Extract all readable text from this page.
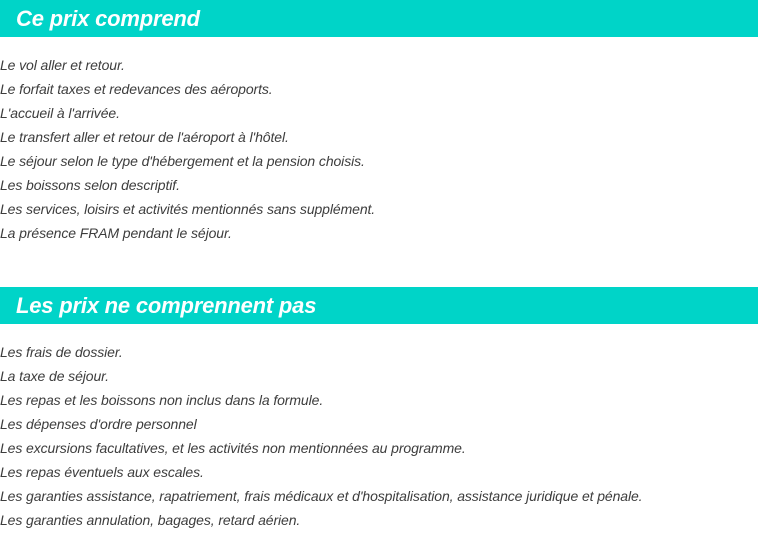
Ce prix comprend
Le vol aller et retour.
Le forfait taxes et redevances des aéroports.
L'accueil à l'arrivée.
Le transfert aller et retour de l'aéroport à l'hôtel.
Le séjour selon le type d'hébergement et la pension choisis.
Les boissons selon descriptif.
Les services, loisirs et activités mentionnés sans supplément.
La présence FRAM pendant le séjour.
Les prix ne comprennent pas
Les frais de dossier.
La taxe de séjour.
Les repas et les boissons non inclus dans la formule.
Les dépenses d'ordre personnel
Les excursions facultatives, et les activités non mentionnées au programme.
Les repas éventuels aux escales.
Les garanties assistance, rapatriement, frais médicaux et d'hospitalisation, assistance juridique et pénale.
Les garanties annulation, bagages, retard aérien.
